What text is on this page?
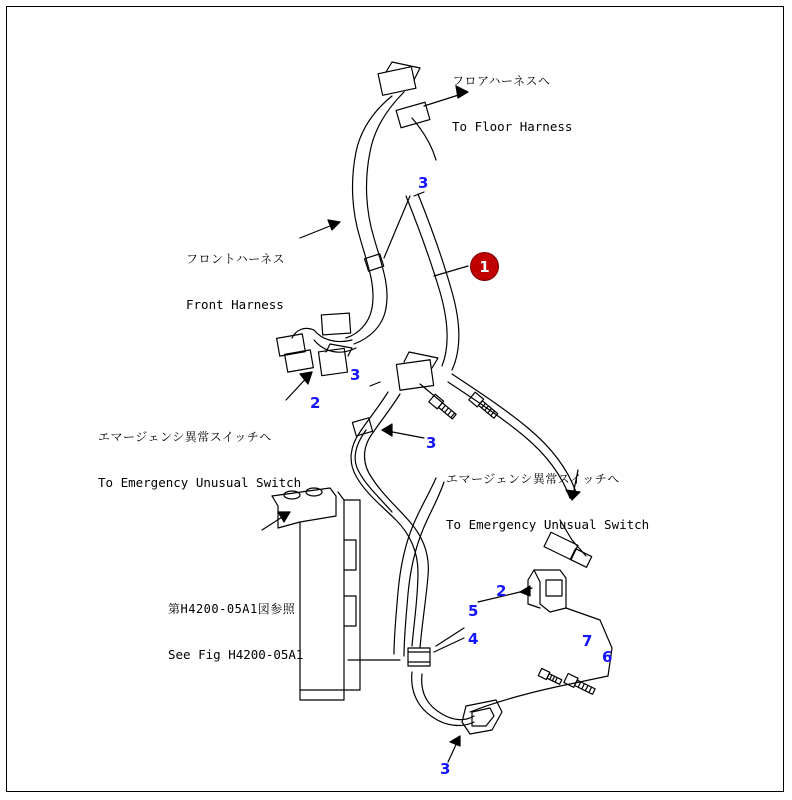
フロアハーネスへ

To Floor Harness

フロントハーネス

Front Harness

エマージェンシ異常スイッチへ

To Emergency Unusual Switch

	エマージェンシ異常スイッチへ

To Emergency Unusual Switch

第H4200-05A1図参照

See Fig H4200-05A1

1
3
3
2
3
5
4
2
7
6
3
